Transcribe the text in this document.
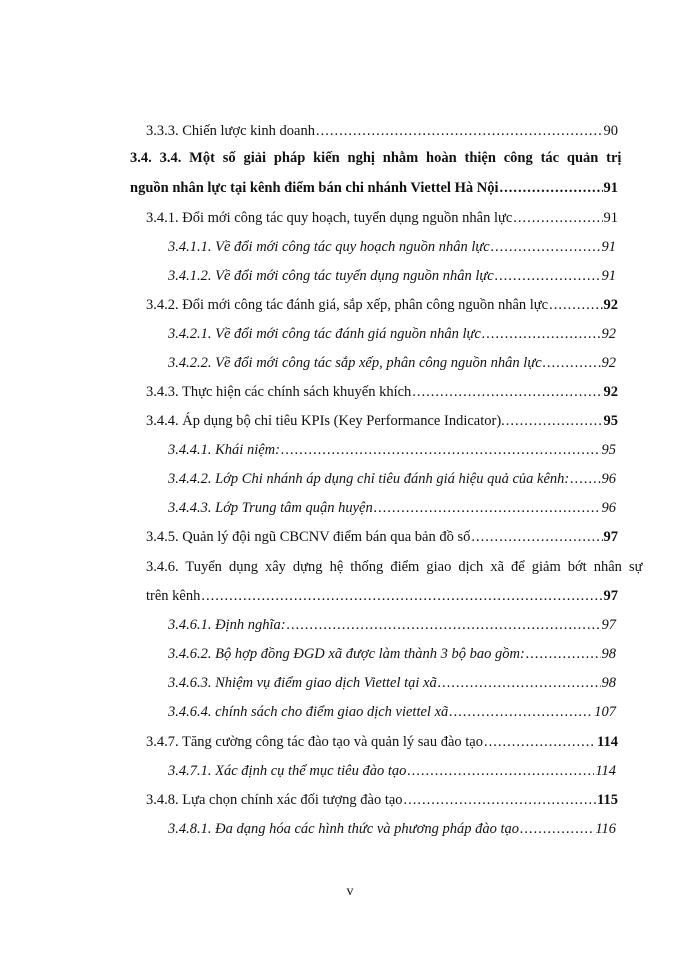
3.3.3. Chiến lược kinh doanh .....	90
3.4. 3.4. Một số giải pháp kiến nghị nhằm hoàn thiện công tác quản trị
nguồn nhân lực tại kênh điểm bán chi nhánh Viettel Hà Nội .....	91
3.4.1. Đổi mới công tác quy hoạch, tuyển dụng nguồn nhân lực .....	91
3.4.1.1. Về đổi mới công tác quy hoạch nguồn nhân lực .....	91
3.4.1.2. Về đổi mới công tác tuyển dụng nguồn nhân lực .....	91
3.4.2. Đổi mới công tác đánh giá, sắp xếp, phân công nguồn nhân lực .....	92
3.4.2.1. Về đổi mới công tác đánh giá nguồn nhân lực .....	92
3.4.2.2. Về đổi mới công tác sắp xếp, phân công nguồn nhân lực .....	92
3.4.3. Thực hiện các chính sách khuyến khích .....	92
3.4.4. Áp dụng bộ chỉ tiêu KPIs (Key Performance Indicator). .....	95
3.4.4.1. Khái niệm: .....	95
3.4.4.2. Lớp Chi nhánh áp dụng chỉ tiêu đánh giá hiệu quả của kênh: ..... 96
3.4.4.3. Lớp Trung tâm quận huyện .....	96
3.4.5. Quản lý đội ngũ CBCNV điểm bán qua bản đồ số .....	97
3.4.6. Tuyển dụng xây dựng hệ thống điểm giao dịch xã để giảm bớt nhân sự
trên kênh .....	97
3.4.6.1. Định nghĩa: .....	97
3.4.6.2. Bộ hợp đồng ĐGD xã được làm thành 3 bộ bao gồm: .....	98
3.4.6.3. Nhiệm vụ điểm giao dịch Viettel tại xã .....	98
3.4.6.4. chính sách cho điểm giao dịch viettel xã .....	107
3.4.7. Tăng cường công tác đào tạo và quản lý sau đào tạo .....	114
3.4.7.1. Xác định cụ thể mục tiêu đào tạo .....	114
3.4.8. Lựa chọn chính xác đối tượng đào tạo .....	115
3.4.8.1. Đa dạng hóa các hình thức và phương pháp đào tạo .....	116
v
